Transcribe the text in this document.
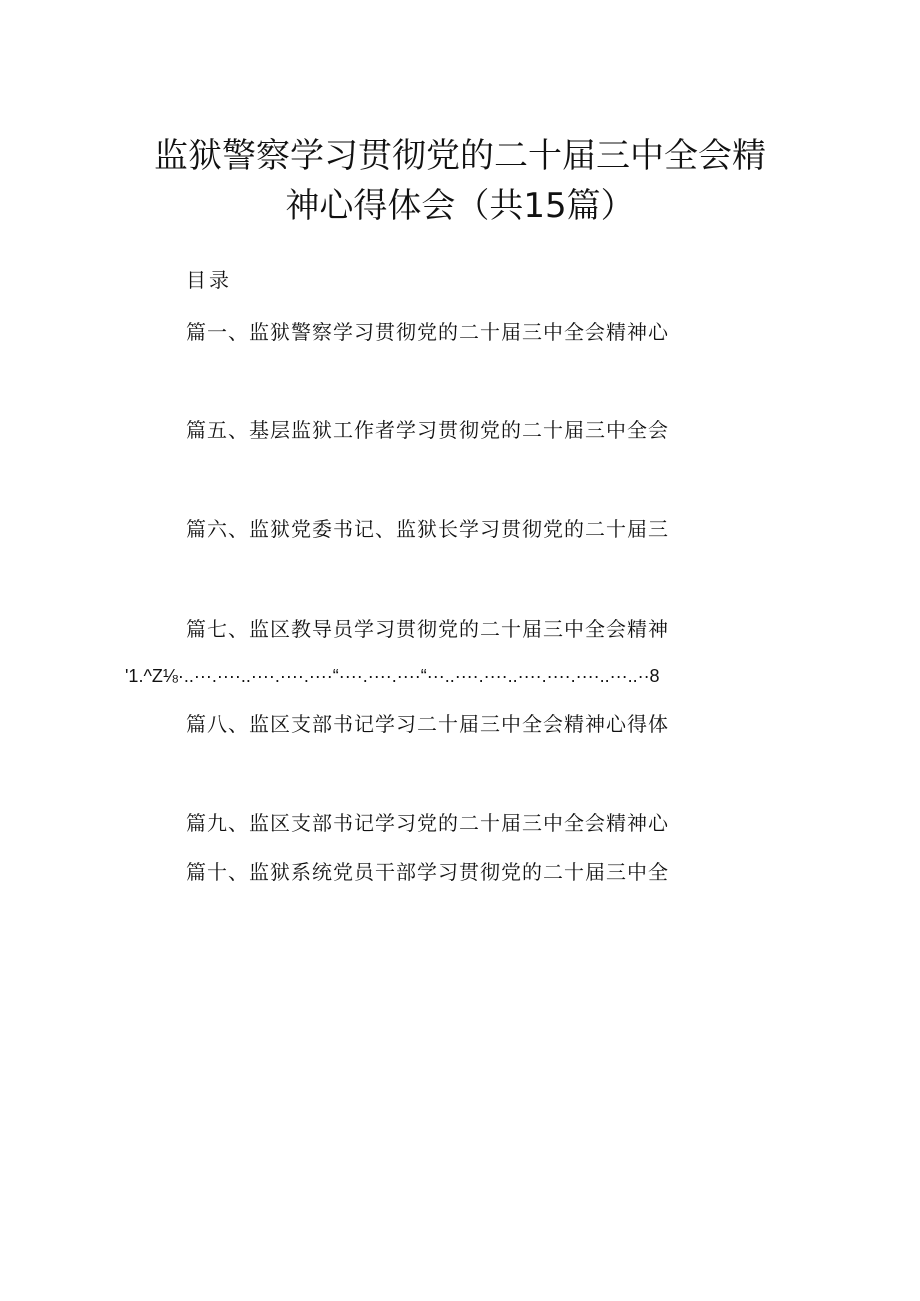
监狱警察学习贯彻党的二十届三中全会精
神心得体会（共15篇）
目录
篇一、监狱警察学习贯彻党的二十届三中全会精神心
篇五、基层监狱工作者学习贯彻党的二十届三中全会
篇六、监狱党委书记、监狱长学习贯彻党的二十届三
篇七、监区教导员学习贯彻党的二十届三中全会精神
'1.^Z⅛·..···.····..····.····.····“····.····.····“···..····.····..····.····.····..···..··8
篇八、监区支部书记学习二十届三中全会精神心得体
篇九、监区支部书记学习党的二十届三中全会精神心
篇十、监狱系统党员干部学习贯彻党的二十届三中全
